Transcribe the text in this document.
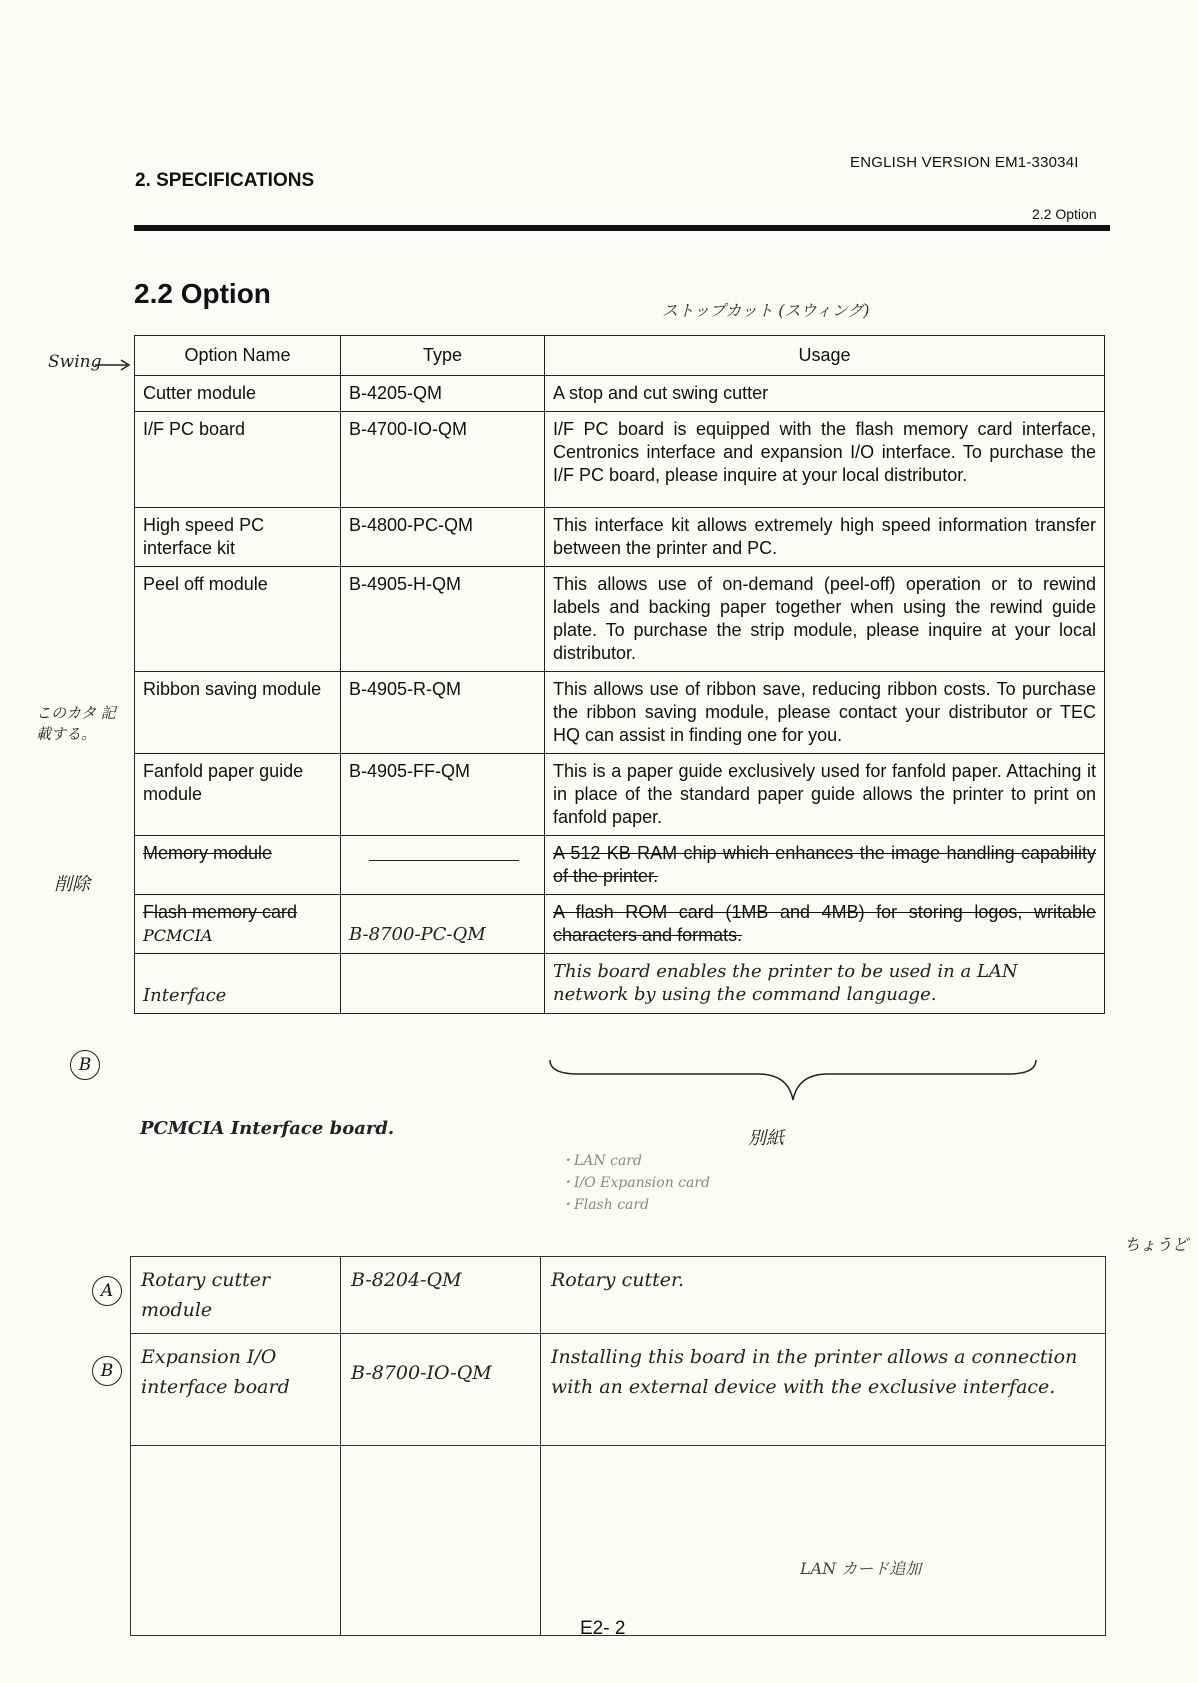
2. SPECIFICATIONS
ENGLISH VERSION EM1-33034I
2.2 Option
2.2 Option
ストップカット (スウィング)
Option Name	Type	Usage
Cutter module	B-4205-QM	A stop and cut swing cutter
I/F PC board	B-4700-IO-QM	I/F PC board is equipped with the flash memory card interface, Centronics interface and expansion I/O interface. To purchase the I/F PC board, please inquire at your local distributor.
High speed PC interface kit	B-4800-PC-QM	This interface kit allows extremely high speed information transfer between the printer and PC.
Peel off module	B-4905-H-QM	This allows use of on-demand (peel-off) operation or to rewind labels and backing paper together when using the rewind guide plate. To purchase the strip module, please inquire at your local distributor.
Ribbon saving module	B-4905-R-QM	This allows use of ribbon save, reducing ribbon costs. To purchase the ribbon saving module, please contact your distributor or TEC HQ can assist in finding one for you.
Fanfold paper guide module	B-4905-FF-QM	This is a paper guide exclusively used for fanfold paper. Attaching it in place of the standard paper guide allows the printer to print on fanfold paper.
Memory module		A 512 KB RAM chip which enhances the image handling capability of the printer.

Flash memory card
PCMCIA	B-8700-PC-QM	A flash ROM card (1MB and 4MB) for storing logos, writable characters and formats.
Interface		This board enables the printer to be used in a LAN network by using the command language.
Swing
このカタ 記載する。
削除
B
PCMCIA Interface board.	別紙
・LAN card
・I/O Expansion card
・Flash card
ちょうど
A
B
Rotary cutter module	B-8204-QM	Rotary cutter.
Expansion I/O interface board	B-8700-IO-QM	Installing this board in the printer allows a connection with an external device with the exclusive interface.

LAN カード追加
E2- 2
